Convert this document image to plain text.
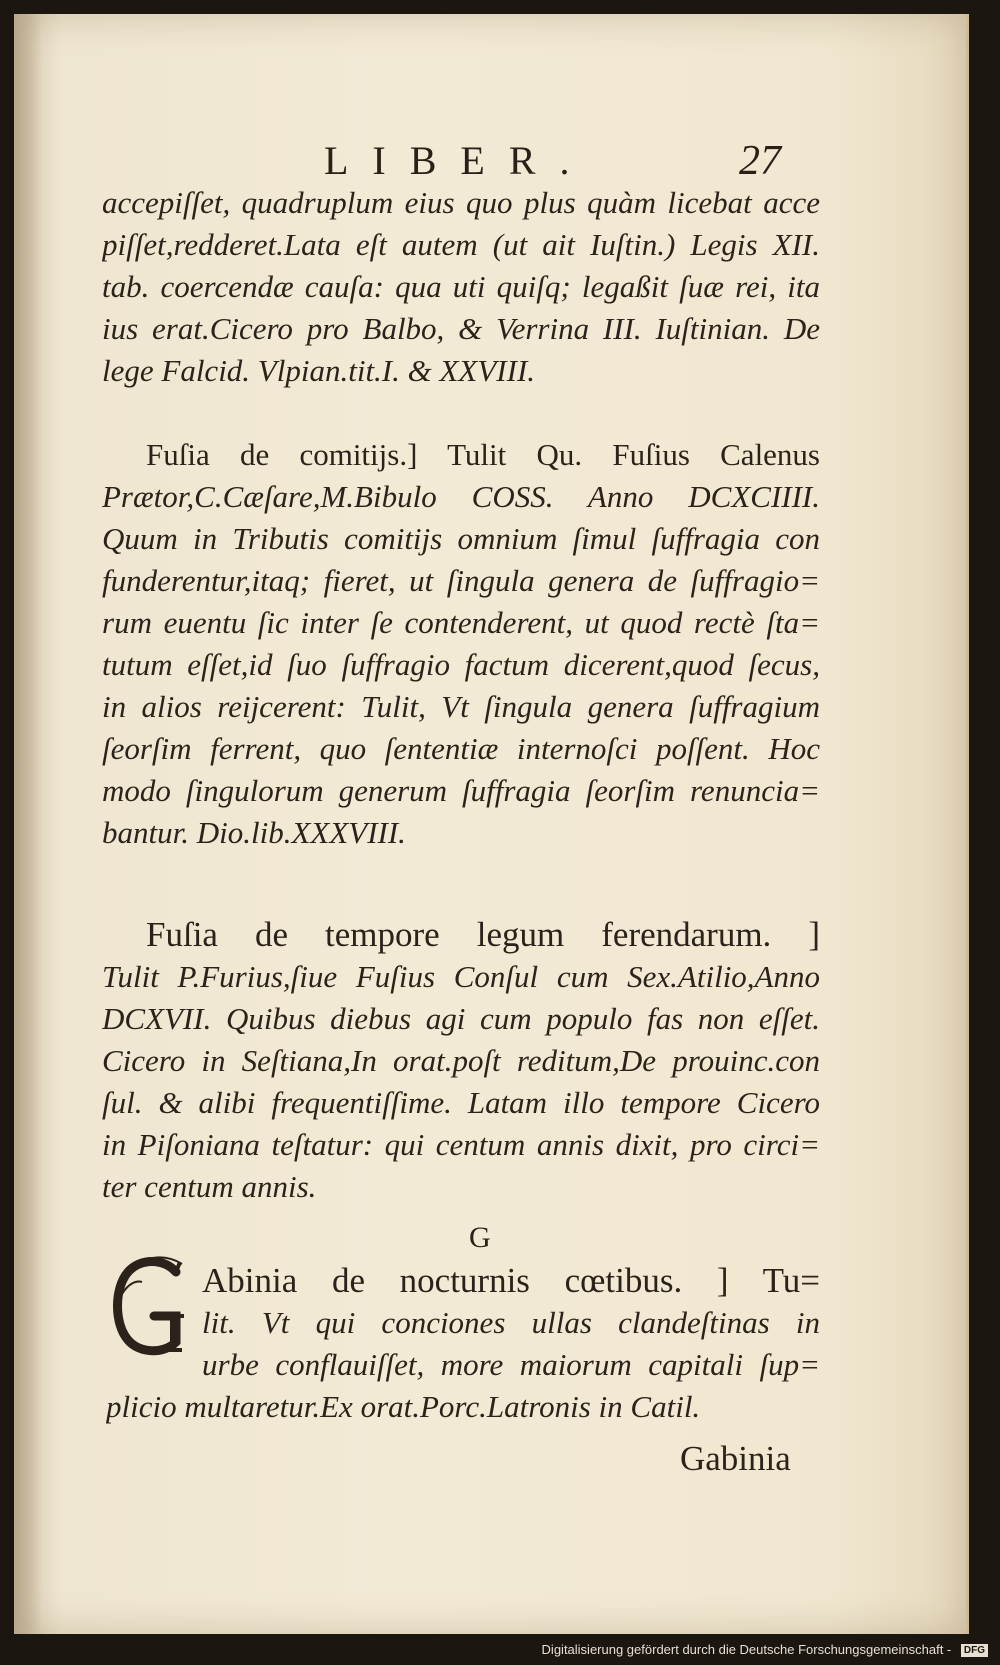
LIBER.	27
accepiſſet, quadruplum eius quo plus quàm licebat acce
piſſet,redderet.Lata eſt autem (ut ait Iuſtin.) Legis XII.
tab. coercendæ cauſa: qua uti quiſq; legaßit ſuæ rei, ita
ius erat.Cicero pro Balbo, & Verrina III. Iuſtinian. De
lege Falcid. Vlpian.tit.I. & XXVIII.
Fuſia de comitijs.] Tulit Qu. Fuſius Calenus
Prætor,C.Cæſare,M.Bibulo COSS. Anno DCXCIIII.
Quum in Tributis comitijs omnium ſimul ſuffragia con
funderentur,itaq; fieret, ut ſingula genera de ſuffragio=
rum euentu ſic inter ſe contenderent, ut quod rectè ſta=
tutum eſſet,id ſuo ſuffragio factum dicerent,quod ſecus,
in alios reijcerent: Tulit, Vt ſingula genera ſuffragium
ſeorſim ferrent, quo ſententiæ internoſci poſſent. Hoc
modo ſingulorum generum ſuffragia ſeorſim renuncia=
bantur. Dio.lib.XXXVIII.
Fuſia de tempore legum ferendarum. ]
Tulit P.Furius,ſiue Fuſius Conſul cum Sex.Atilio,Anno
DCXVII. Quibus diebus agi cum populo fas non eſſet.
Cicero in Seſtiana,In orat.poſt reditum,De prouinc.con
ſul. & alibi frequentiſſime. Latam illo tempore Cicero
in Piſoniana teſtatur: qui centum annis dixit, pro circi=
ter centum annis.
G
Abinia de nocturnis cœtibus. ] Tu=
lit. Vt qui conciones ullas clandeſtinas in
urbe conflauiſſet, more maiorum capitali ſup=
plicio multaretur.Ex orat.Porc.Latronis in Catil.
Gabinia
Digitalisierung gefördert durch die Deutsche Forschungsgemeinschaft - DFG
